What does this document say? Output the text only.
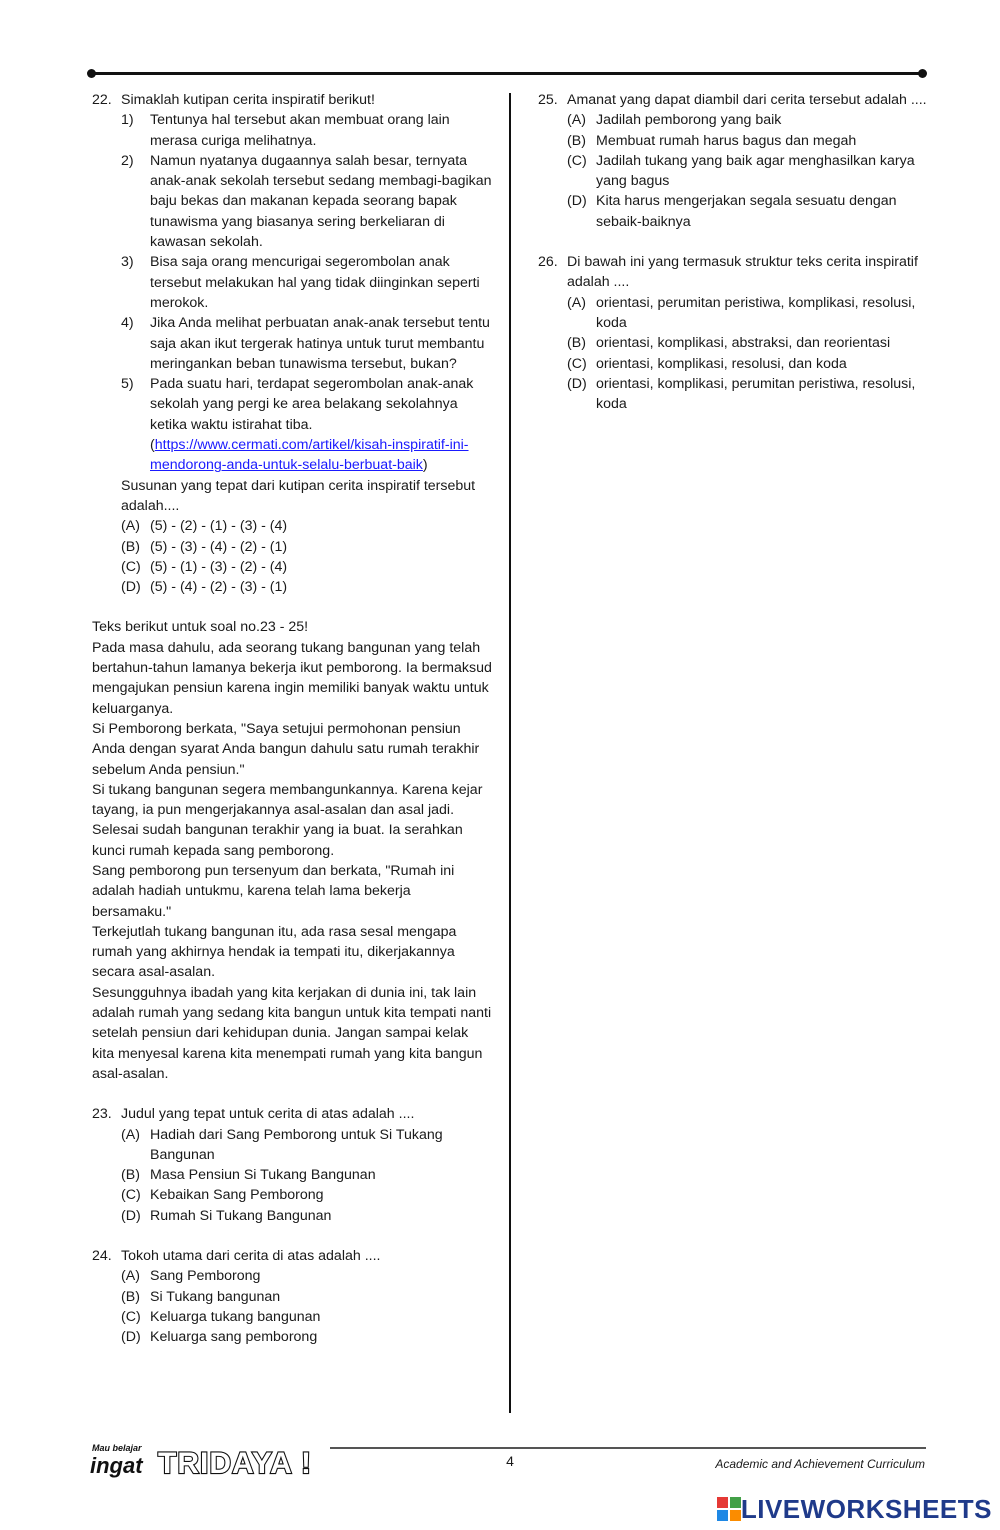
22. Simaklah kutipan cerita inspiratif berikut!
1)	Tentunya hal tersebut akan membuat orang lain merasa curiga melihatnya.
2)	Namun nyatanya dugaannya salah besar, ternyata anak-anak sekolah tersebut sedang membagi-bagikan baju bekas dan makanan kepada seorang bapak tunawisma yang biasanya sering berkeliaran di kawasan sekolah.
3)	Bisa saja orang mencurigai segerombolan anak tersebut melakukan hal yang tidak diinginkan seperti merokok.
4)	Jika Anda melihat perbuatan anak-anak tersebut tentu saja akan ikut tergerak hatinya untuk turut membantu meringankan beban tunawisma tersebut, bukan?
5)	Pada suatu hari, terdapat segerombolan anak-anak sekolah yang pergi ke area belakang sekolahnya ketika waktu istirahat tiba.
(https://www.cermati.com/artikel/kisah-inspiratif-ini-mendorong-anda-untuk-selalu-berbuat-baik)
Susunan yang tepat dari kutipan cerita inspiratif tersebut adalah....
(A) (5) - (2) - (1) - (3) - (4)
(B) (5) - (3) - (4) - (2) - (1)
(C) (5) - (1) - (3) - (2) - (4)
(D) (5) - (4) - (2) - (3) - (1)
Teks berikut untuk soal no.23 - 25!
Pada masa dahulu, ada seorang tukang bangunan yang telah bertahun-tahun lamanya bekerja ikut pemborong. Ia bermaksud mengajukan pensiun karena ingin memiliki banyak waktu untuk keluarganya.
Si Pemborong berkata, "Saya setujui permohonan pensiun Anda dengan syarat Anda bangun dahulu satu rumah terakhir sebelum Anda pensiun."
Si tukang bangunan segera membangunkannya. Karena kejar tayang, ia pun mengerjakannya asal-asalan dan asal jadi. Selesai sudah bangunan terakhir yang ia buat. Ia serahkan kunci rumah kepada sang pemborong.
Sang pemborong pun tersenyum dan berkata, "Rumah ini adalah hadiah untukmu, karena telah lama bekerja bersamaku."
Terkejutlah tukang bangunan itu, ada rasa sesal mengapa rumah yang akhirnya hendak ia tempati itu, dikerjakannya secara asal-asalan.
Sesungguhnya ibadah yang kita kerjakan di dunia ini, tak lain adalah rumah yang sedang kita bangun untuk kita tempati nanti setelah pensiun dari kehidupan dunia. Jangan sampai kelak kita menyesal karena kita menempati rumah yang kita bangun asal-asalan.
23. Judul yang tepat untuk cerita di atas adalah ....
(A) Hadiah dari Sang Pemborong untuk Si Tukang Bangunan
(B) Masa Pensiun Si Tukang Bangunan
(C) Kebaikan Sang Pemborong
(D) Rumah Si Tukang Bangunan
24. Tokoh utama dari cerita di atas adalah ....
(A) Sang Pemborong
(B) Si Tukang bangunan
(C) Keluarga tukang bangunan
(D) Keluarga sang pemborong
25. Amanat yang dapat diambil dari cerita tersebut adalah ....
(A) Jadilah pemborong yang baik
(B) Membuat rumah harus bagus dan megah
(C) Jadilah tukang yang baik agar menghasilkan karya yang bagus
(D) Kita harus mengerjakan segala sesuatu dengan sebaik-baiknya
26. Di bawah ini yang termasuk struktur teks cerita inspiratif adalah ....
(A) orientasi, perumitan peristiwa, komplikasi, resolusi, koda
(B) orientasi, komplikasi, abstraksi, dan reorientasi
(C) orientasi, komplikasi, resolusi, dan koda
(D) orientasi, komplikasi, perumitan peristiwa, resolusi, koda
Mau belajar
ingat TRIDAYA !	4	Academic and Achievement Curriculum
LIVEWORKSHEETS
